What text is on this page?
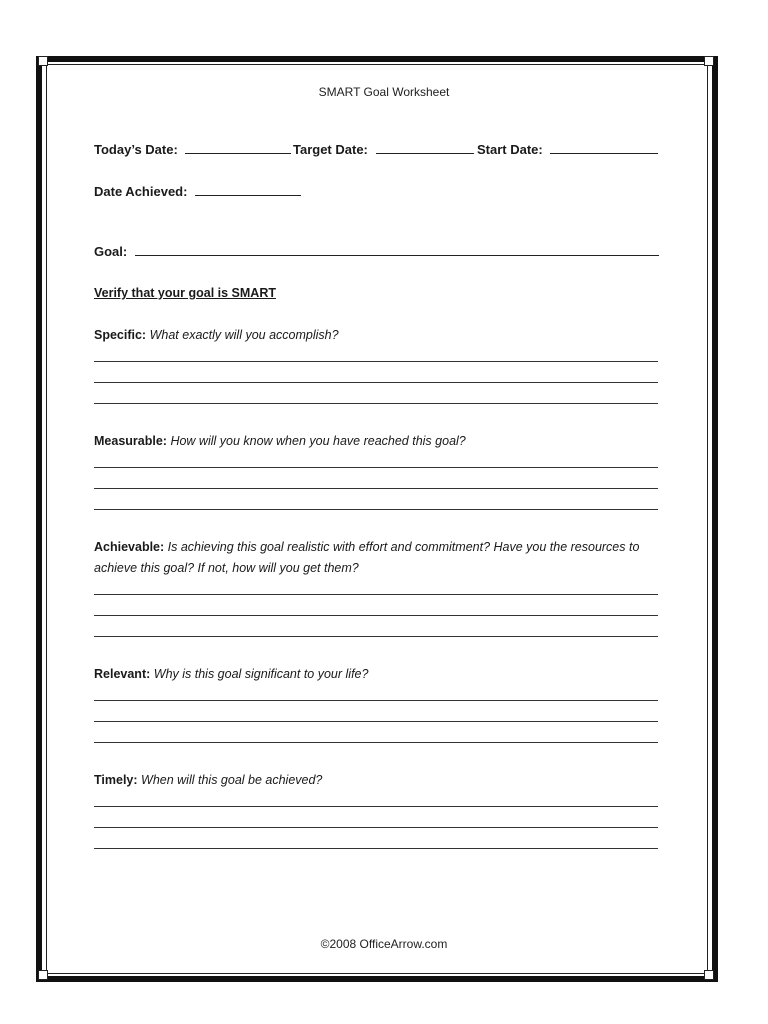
SMART Goal Worksheet
Today’s Date:	Target Date:	Start Date:
Date Achieved:
Goal:
Verify that your goal is SMART
Specific: What exactly will you accomplish?
Measurable: How will you know when you have reached this goal?
Achievable: Is achieving this goal realistic with effort and commitment? Have you the resources to achieve this goal? If not, how will you get them?
Relevant: Why is this goal significant to your life?
Timely: When will this goal be achieved?
©2008 OfficeArrow.com
